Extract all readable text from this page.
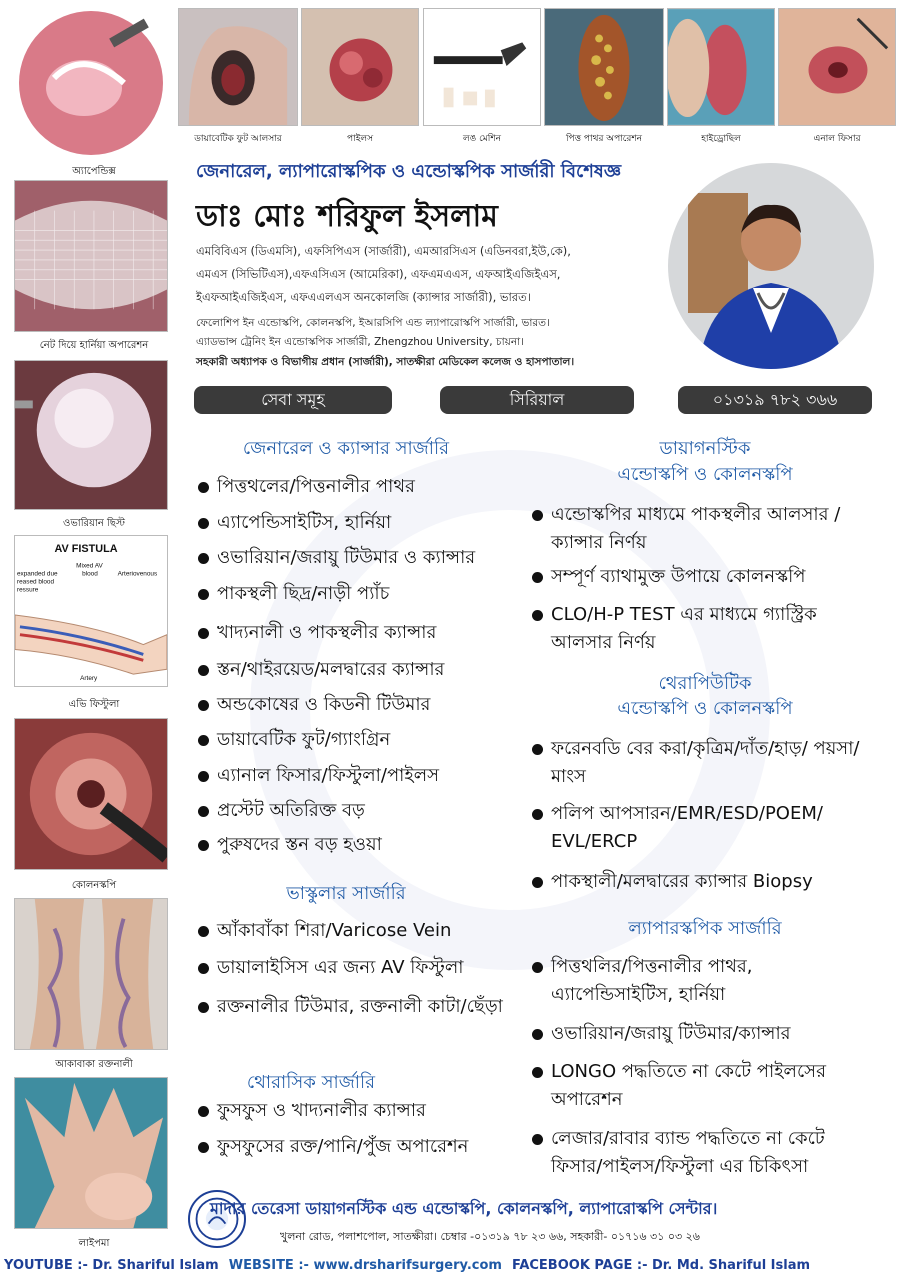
অ্যাপেন্ডিক্স
নেট দিয়ে হার্নিয়া অপারেশন
ওভারিয়ান ছিস্ট
AV FISTULA
expanded due
reased blood
ressure
Mixed AV
blood	Arteriovenous
Artery
এভি ফিস্টুলা
কোলনস্কপি
আকাবাকা রক্তনালী
লাইপমা
ডায়াবেটিক ফুট আলসার	পাইলস	লঙ মেশিন	পিত্ত পাথর অপারেশন	হাইড্রোছিল	এনাল ফিসার
জেনারেল, ল্যাপারোস্কপিক ও এন্ডোস্কপিক সার্জারী বিশেষজ্ঞ
ডাঃ মোঃ শরিফুল ইসলাম
এমবিবিএস (ডিএমসি), এফসিপিএস (সার্জারী), এমআরসিএস (এডিনবরা,ইউ,কে),
এমএস (সিভিটিএস),এফএসিএস (আমেরিকা), এফএমএএস, এফআইএজিইএস,
ইএফআইএজিইএস, এফএএলএস অনকোলজি (ক্যান্সার সার্জারী), ভারত।
ফেলোশিপ ইন এন্ডোস্কপি, কোলনস্কপি, ইআরসিপি এন্ড ল্যাপারোস্কপি সার্জারী, ভারত।
এ্যাডভান্স ট্রেনিং ইন এন্ডোস্কপিক সার্জারী, Zhengzhou University, চায়না।
সহকারী অধ্যাপক ও বিভাগীয় প্রধান (সার্জারী), সাতক্ষীরা মেডিকেল কলেজ ও হাসপাতাল।
সেবা সমূহ	সিরিয়াল	০১৩১৯ ৭৮২ ৩৬৬
জেনারেল ও ক্যান্সার সার্জারি
পিত্তথলের/পিত্তনালীর পাথর
এ্যাপেন্ডিসাইটিস, হার্নিয়া
ওভারিয়ান/জরায়ু টিউমার ও ক্যান্সার
পাকস্থলী ছিদ্র/নাড়ী প্যাঁচ
খাদ্যনালী ও পাকস্থলীর ক্যান্সার
স্তন/থাইরয়েড/মলদ্বারের ক্যান্সার
অন্ডকোষের ও কিডনী টিউমার
ডায়াবেটিক ফুট/গ্যাংগ্রিন
এ্যানাল ফিসার/ফিস্টুলা/পাইলস
প্রস্টেট অতিরিক্ত বড়
পুরুষদের স্তন বড় হওয়া
ভাস্কুলার সার্জারি
আঁকাবাঁকা শিরা/Varicose Vein
ডায়ালাইসিস এর জন্য AV ফিস্টুলা
রক্তনালীর টিউমার, রক্তনালী কাটা/ছেঁড়া
থোরাসিক সার্জারি
ফুসফুস ও খাদ্যনালীর ক্যান্সার
ফুসফুসের রক্ত/পানি/পুঁজ অপারেশন
ডায়াগনস্টিক
এন্ডোস্কপি ও কোলনস্কপি
এন্ডোস্কপির মাধ্যমে পাকস্থলীর আলসার /ক্যান্সার নির্ণয়
সম্পূর্ণ ব্যাথামুক্ত উপায়ে কোলনস্কপি
CLO/H-P TEST এর মাধ্যমে গ্যাস্ট্রিক আলসার নির্ণয়
থেরাপিউটিক
এন্ডোস্কপি ও কোলনস্কপি
ফরেনবডি বের করা/কৃত্রিম/দাঁত/হাড়/ পয়সা/মাংস
পলিপ আপসারন/EMR/ESD/POEM/ EVL/ERCP
পাকস্থালী/মলদ্বারের ক্যান্সার Biopsy
ল্যাপারস্কপিক সার্জারি
পিত্তথলির/পিত্তনালীর পাথর, এ্যাপেন্ডিসাইটিস, হার্নিয়া
ওভারিয়ান/জরায়ু টিউমার/ক্যান্সার
LONGO পদ্ধতিতে না কেটে পাইলসের অপারেশন
লেজার/রাবার ব্যান্ড পদ্ধতিতে না কেটে ফিসার/পাইলস/ফিস্টুলা এর চিকিৎসা
মাদার তেরেসা ডায়াগনস্টিক এন্ড এন্ডোস্কপি, কোলনস্কপি, ল্যাপারোস্কপি সেন্টার।
খুলনা রোড, পলাশপোল, সাতক্ষীরা। চেম্বার -০১৩১৯ ৭৮ ২৩ ৬৬, সহকারী- ০১৭১৬ ৩১ ০৩ ২৬
YOUTUBE :- Dr. Shariful Islam WEBSITE :- www.drsharifsurgery.com FACEBOOK PAGE :- Dr. Md. Shariful Islam
